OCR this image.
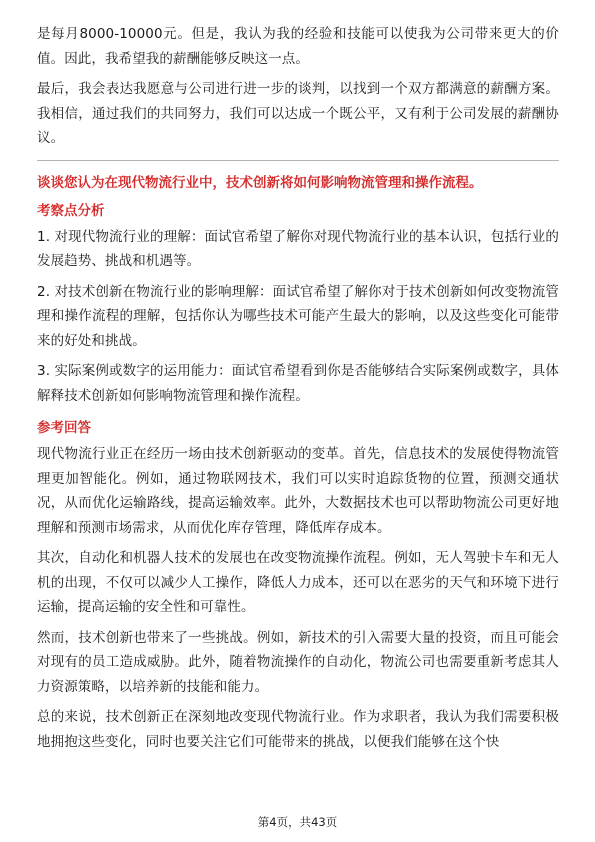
是每月8000-10000元。但是，我认为我的经验和技能可以使我为公司带来更大的价值。因此，我希望我的薪酬能够反映这一点。

最后，我会表达我愿意与公司进行进一步的谈判，以找到一个双方都满意的薪酬方案。我相信，通过我们的共同努力，我们可以达成一个既公平，又有利于公司发展的薪酬协议。

谈谈您认为在现代物流行业中，技术创新将如何影响物流管理和操作流程。
考察点分析

1. 对现代物流行业的理解：面试官希望了解你对现代物流行业的基本认识，包括行业的发展趋势、挑战和机遇等。

2. 对技术创新在物流行业的影响理解：面试官希望了解你对于技术创新如何改变物流管理和操作流程的理解，包括你认为哪些技术可能产生最大的影响，以及这些变化可能带来的好处和挑战。

3. 实际案例或数字的运用能力：面试官希望看到你是否能够结合实际案例或数字，具体解释技术创新如何影响物流管理和操作流程。

参考回答

现代物流行业正在经历一场由技术创新驱动的变革。首先，信息技术的发展使得物流管理更加智能化。例如，通过物联网技术，我们可以实时追踪货物的位置，预测交通状况，从而优化运输路线，提高运输效率。此外，大数据技术也可以帮助物流公司更好地理解和预测市场需求，从而优化库存管理，降低库存成本。

其次，自动化和机器人技术的发展也在改变物流操作流程。例如，无人驾驶卡车和无人机的出现，不仅可以减少人工操作，降低人力成本，还可以在恶劣的天气和环境下进行运输，提高运输的安全性和可靠性。

然而，技术创新也带来了一些挑战。例如，新技术的引入需要大量的投资，而且可能会对现有的员工造成威胁。此外，随着物流操作的自动化，物流公司也需要重新考虑其人力资源策略，以培养新的技能和能力。

总的来说，技术创新正在深刻地改变现代物流行业。作为求职者，我认为我们需要积极地拥抱这些变化，同时也要关注它们可能带来的挑战，以便我们能够在这个快

第4页，共43页
